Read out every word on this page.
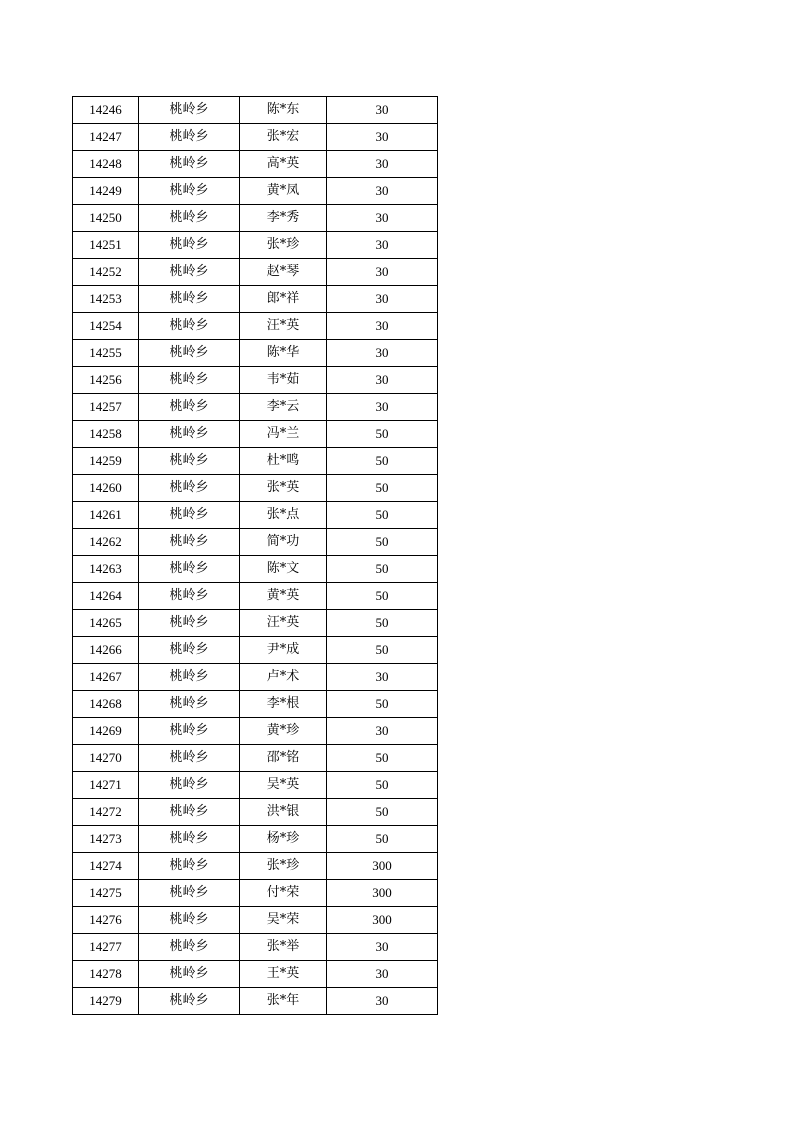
14246	桃岭乡	陈*东	30
14247	桃岭乡	张*宏	30
14248	桃岭乡	高*英	30
14249	桃岭乡	黄*凤	30
14250	桃岭乡	李*秀	30
14251	桃岭乡	张*珍	30
14252	桃岭乡	赵*琴	30
14253	桃岭乡	郎*祥	30
14254	桃岭乡	汪*英	30
14255	桃岭乡	陈*华	30
14256	桃岭乡	韦*茹	30
14257	桃岭乡	李*云	30
14258	桃岭乡	冯*兰	50
14259	桃岭乡	杜*鸣	50
14260	桃岭乡	张*英	50
14261	桃岭乡	张*点	50
14262	桃岭乡	简*功	50
14263	桃岭乡	陈*文	50
14264	桃岭乡	黄*英	50
14265	桃岭乡	汪*英	50
14266	桃岭乡	尹*成	50
14267	桃岭乡	卢*术	30
14268	桃岭乡	李*根	50
14269	桃岭乡	黄*珍	30
14270	桃岭乡	邵*铭	50
14271	桃岭乡	吴*英	50
14272	桃岭乡	洪*银	50
14273	桃岭乡	杨*珍	50
14274	桃岭乡	张*珍	300
14275	桃岭乡	付*荣	300
14276	桃岭乡	吴*荣	300
14277	桃岭乡	张*举	30
14278	桃岭乡	王*英	30
14279	桃岭乡	张*年	30
